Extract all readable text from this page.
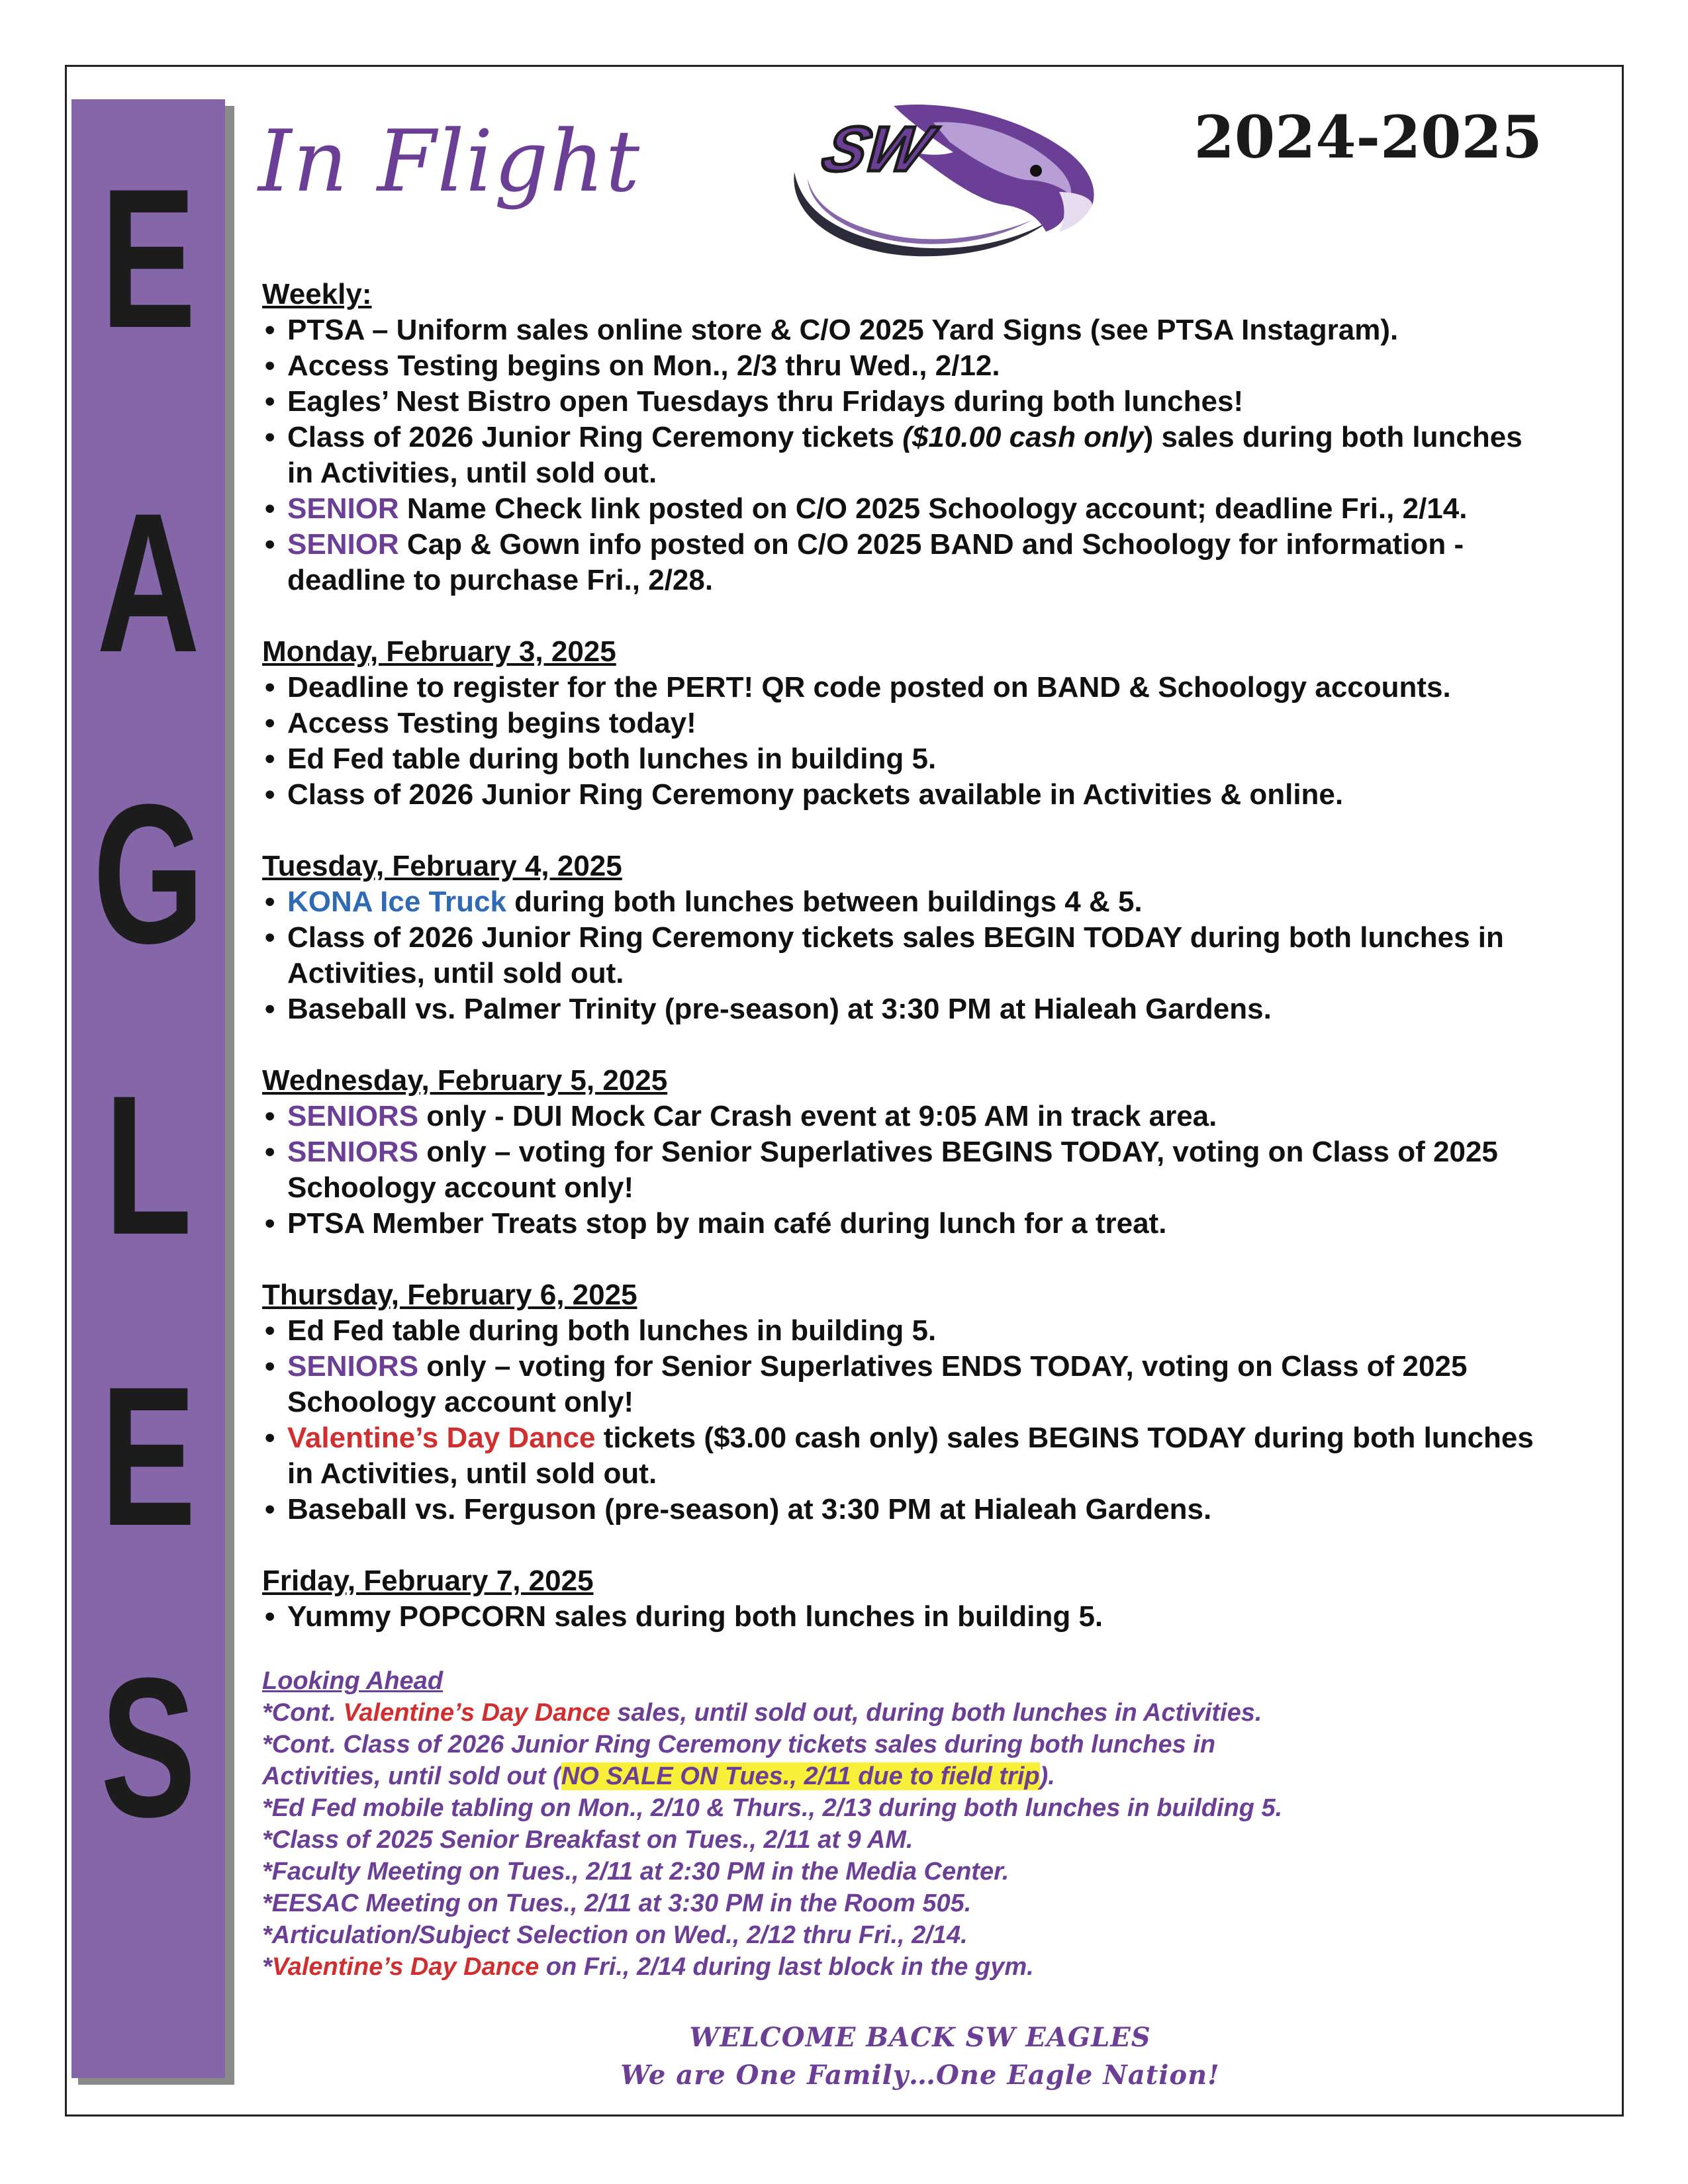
E
A
G
L
E
S
In Flight	SW	2024-2025
Weekly:
• PTSA – Uniform sales online store & C/O 2025 Yard Signs (see PTSA Instagram).
• Access Testing begins on Mon., 2/3 thru Wed., 2/12.
• Eagles’ Nest Bistro open Tuesdays thru Fridays during both lunches!
• Class of 2026 Junior Ring Ceremony tickets ($10.00 cash only) sales during both lunches in Activities, until sold out.
• SENIOR Name Check link posted on C/O 2025 Schoology account; deadline Fri., 2/14.
• SENIOR Cap & Gown info posted on C/O 2025 BAND and Schoology for information - deadline to purchase Fri., 2/28.
Monday, February 3, 2025
• Deadline to register for the PERT! QR code posted on BAND & Schoology accounts.
• Access Testing begins today!
• Ed Fed table during both lunches in building 5.
• Class of 2026 Junior Ring Ceremony packets available in Activities & online.
Tuesday, February 4, 2025
• KONA Ice Truck during both lunches between buildings 4 & 5.
• Class of 2026 Junior Ring Ceremony tickets sales BEGIN TODAY during both lunches in Activities, until sold out.
• Baseball vs. Palmer Trinity (pre-season) at 3:30 PM at Hialeah Gardens.
Wednesday, February 5, 2025
• SENIORS only - DUI Mock Car Crash event at 9:05 AM in track area.
• SENIORS only – voting for Senior Superlatives BEGINS TODAY, voting on Class of 2025 Schoology account only!
• PTSA Member Treats stop by main café during lunch for a treat.
Thursday, February 6, 2025
• Ed Fed table during both lunches in building 5.
• SENIORS only – voting for Senior Superlatives ENDS TODAY, voting on Class of 2025 Schoology account only!
• Valentine’s Day Dance tickets ($3.00 cash only) sales BEGINS TODAY during both lunches in Activities, until sold out.
• Baseball vs. Ferguson (pre-season) at 3:30 PM at Hialeah Gardens.
Friday, February 7, 2025
• Yummy POPCORN sales during both lunches in building 5.
Looking Ahead
*Cont. Valentine’s Day Dance sales, until sold out, during both lunches in Activities.
*Cont. Class of 2026 Junior Ring Ceremony tickets sales during both lunches in
Activities, until sold out (NO SALE ON Tues., 2/11 due to field trip).
*Ed Fed mobile tabling on Mon., 2/10 & Thurs., 2/13 during both lunches in building 5.
*Class of 2025 Senior Breakfast on Tues., 2/11 at 9 AM.
*Faculty Meeting on Tues., 2/11 at 2:30 PM in the Media Center.
*EESAC Meeting on Tues., 2/11 at 3:30 PM in the Room 505.
*Articulation/Subject Selection on Wed., 2/12 thru Fri., 2/14.
*Valentine’s Day Dance on Fri., 2/14 during last block in the gym.
WELCOME BACK SW EAGLES
We are One Family…One Eagle Nation!
